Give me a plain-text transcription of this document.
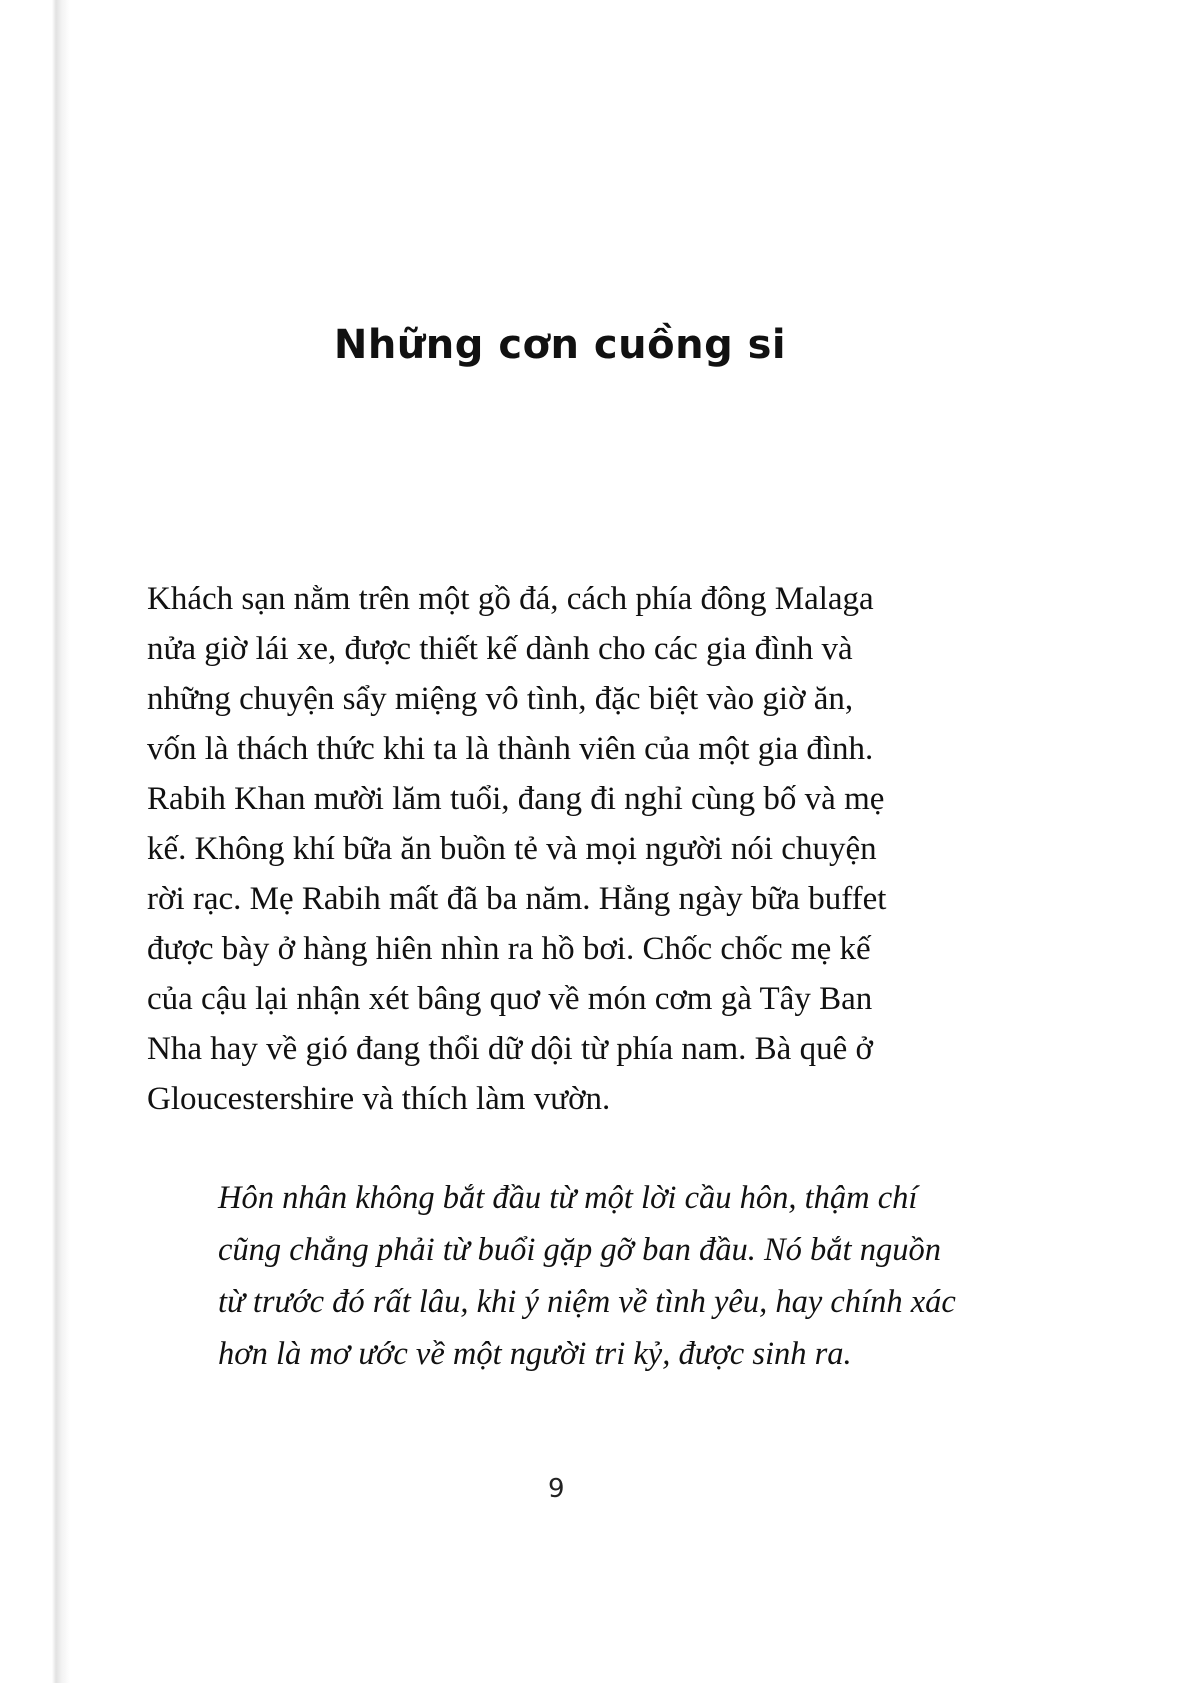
Những cơn cuồng si
Khách sạn nằm trên một gồ đá, cách phía đông Malaga
nửa giờ lái xe, được thiết kế dành cho các gia đình và
những chuyện sẩy miệng vô tình, đặc biệt vào giờ ăn,
vốn là thách thức khi ta là thành viên của một gia đình.
Rabih Khan mười lăm tuổi, đang đi nghỉ cùng bố và mẹ
kế. Không khí bữa ăn buồn tẻ và mọi người nói chuyện
rời rạc. Mẹ Rabih mất đã ba năm. Hằng ngày bữa buffet
được bày ở hàng hiên nhìn ra hồ bơi. Chốc chốc mẹ kế
của cậu lại nhận xét bâng quơ về món cơm gà Tây Ban
Nha hay về gió đang thổi dữ dội từ phía nam. Bà quê ở
Gloucestershire và thích làm vườn.
Hôn nhân không bắt đầu từ một lời cầu hôn, thậm chí
cũng chẳng phải từ buổi gặp gỡ ban đầu. Nó bắt nguồn
từ trước đó rất lâu, khi ý niệm về tình yêu, hay chính xác
hơn là mơ ước về một người tri kỷ, được sinh ra.
9
